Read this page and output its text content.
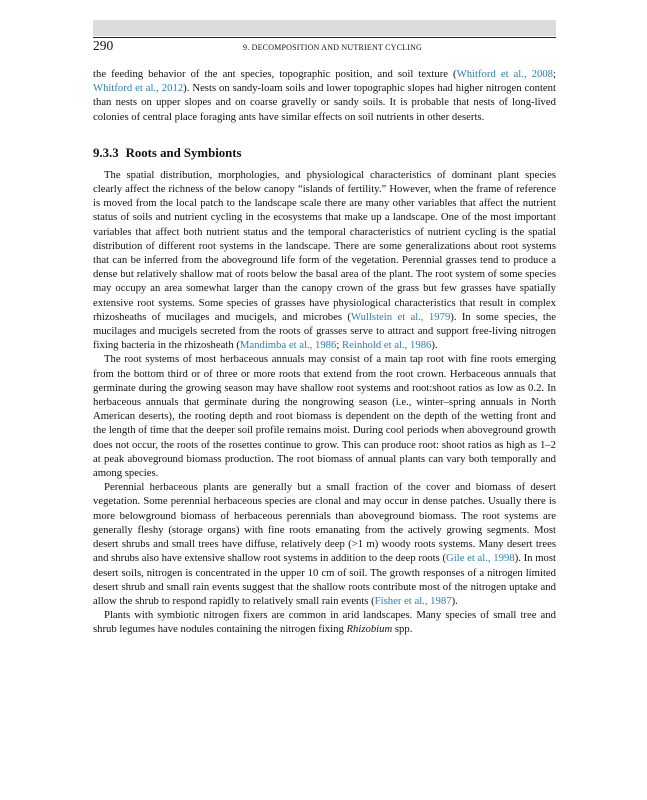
290	9. DECOMPOSITION AND NUTRIENT CYCLING

the feeding behavior of the ant species, topographic position, and soil texture (Whitford et al., 2008; Whitford et al., 2012). Nests on sandy-loam soils and lower topographic slopes had higher nitrogen content than nests on upper slopes and on coarse gravelly or sandy soils. It is probable that nests of long-lived colonies of central place foraging ants have similar effects on soil nutrients in other deserts.

9.3.3 Roots and Symbionts

The spatial distribution, morphologies, and physiological characteristics of dominant plant species clearly affect the richness of the below canopy “islands of fertility.” However, when the frame of reference is moved from the local patch to the landscape scale there are many other variables that affect the nutrient status of soils and nutrient cycling in the ecosystems that make up a landscape. One of the most important variables that affect both nutrient status and the temporal characteristics of nutrient cycling is the spatial distribution of different root systems in the landscape. There are some generalizations about root systems that can be inferred from the aboveground life form of the vegetation. Perennial grasses tend to produce a dense but relatively shallow mat of roots below the basal area of the plant. The root system of some species may occupy an area somewhat larger than the canopy crown of the grass but few grasses have spatially extensive root systems. Some species of grasses have physiological characteristics that result in complex rhizosheaths of mucilages and mucigels, and microbes (Wullstein et al., 1979). In some species, the mucilages and mucigels secreted from the roots of grasses serve to attract and support free-living nitrogen fixing bacteria in the rhizosheath (Mandimba et al., 1986; Reinhold et al., 1986).

The root systems of most herbaceous annuals may consist of a main tap root with fine roots emerging from the bottom third or of three or more roots that extend from the root crown. Herbaceous annuals that germinate during the growing season may have shallow root systems and root:shoot ratios as low as 0.2. In herbaceous annuals that germinate during the nongrowing season (i.e., winter–spring annuals in North American deserts), the rooting depth and root biomass is dependent on the depth of the wetting front and the length of time that the deeper soil profile remains moist. During cool periods when aboveground growth does not occur, the roots of the rosettes continue to grow. This can produce root: shoot ratios as high as 1–2 at peak aboveground biomass production. The root biomass of annual plants can vary both temporally and among species.

Perennial herbaceous plants are generally but a small fraction of the cover and biomass of desert vegetation. Some perennial herbaceous species are clonal and may occur in dense patches. Usually there is more belowground biomass of herbaceous perennials than aboveground biomass. The root systems are generally fleshy (storage organs) with fine roots emanating from the actively growing segments. Most desert shrubs and small trees have diffuse, relatively deep (>1 m) woody roots systems. Many desert trees and shrubs also have extensive shallow root systems in addition to the deep roots (Gile et al., 1998). In most desert soils, nitrogen is concentrated in the upper 10 cm of soil. The growth responses of a nitrogen limited desert shrub and small rain events suggest that the shallow roots contribute most of the nitrogen uptake and allow the shrub to respond rapidly to relatively small rain events (Fisher et al., 1987).

Plants with symbiotic nitrogen fixers are common in arid landscapes. Many species of small tree and shrub legumes have nodules containing the nitrogen fixing Rhizobium spp.
